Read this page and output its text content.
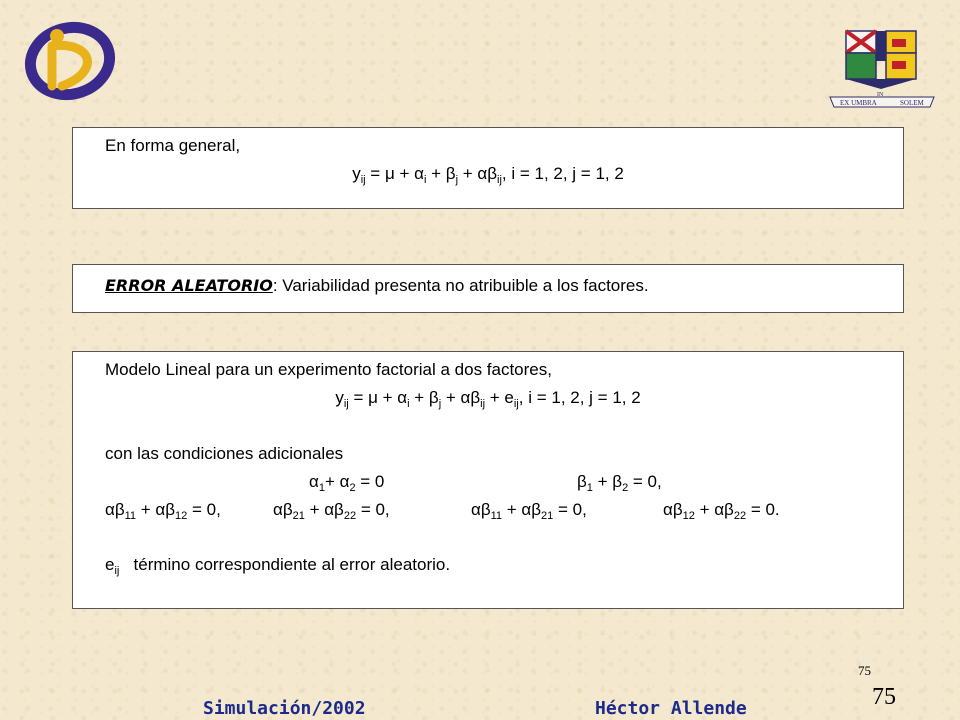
EX UMBRA
IN
SOLEM
En forma general,
$y_{ij} = \mu + \alpha_i + \beta_j + \alpha\beta_{ij}$, i = 1, 2, j = 1, 2
ERROR ALEATORIO: Variabilidad presenta no atribuible a los factores.
Modelo Lineal para un experimento factorial a dos factores,
$y_{ij} = \mu + \alpha_i + \beta_j + \alpha\beta_{ij} + e_{ij}$, i = 1, 2, j = 1, 2
con las condiciones adicionales
$\alpha_1+ \alpha_2 = 0$	$\beta_1 + \beta_2 = 0$,
$\alpha\beta_{11} + \alpha\beta_{12} = 0$,	$\alpha\beta_{21} + \alpha\beta_{22} = 0$,	$\alpha\beta_{11} + \alpha\beta_{21} = 0$,	$\alpha\beta_{12} + \alpha\beta_{22} = 0$.
$e_{ij}$   término correspondiente al error aleatorio.
75
75
Simulación/2002	Héctor Allende
